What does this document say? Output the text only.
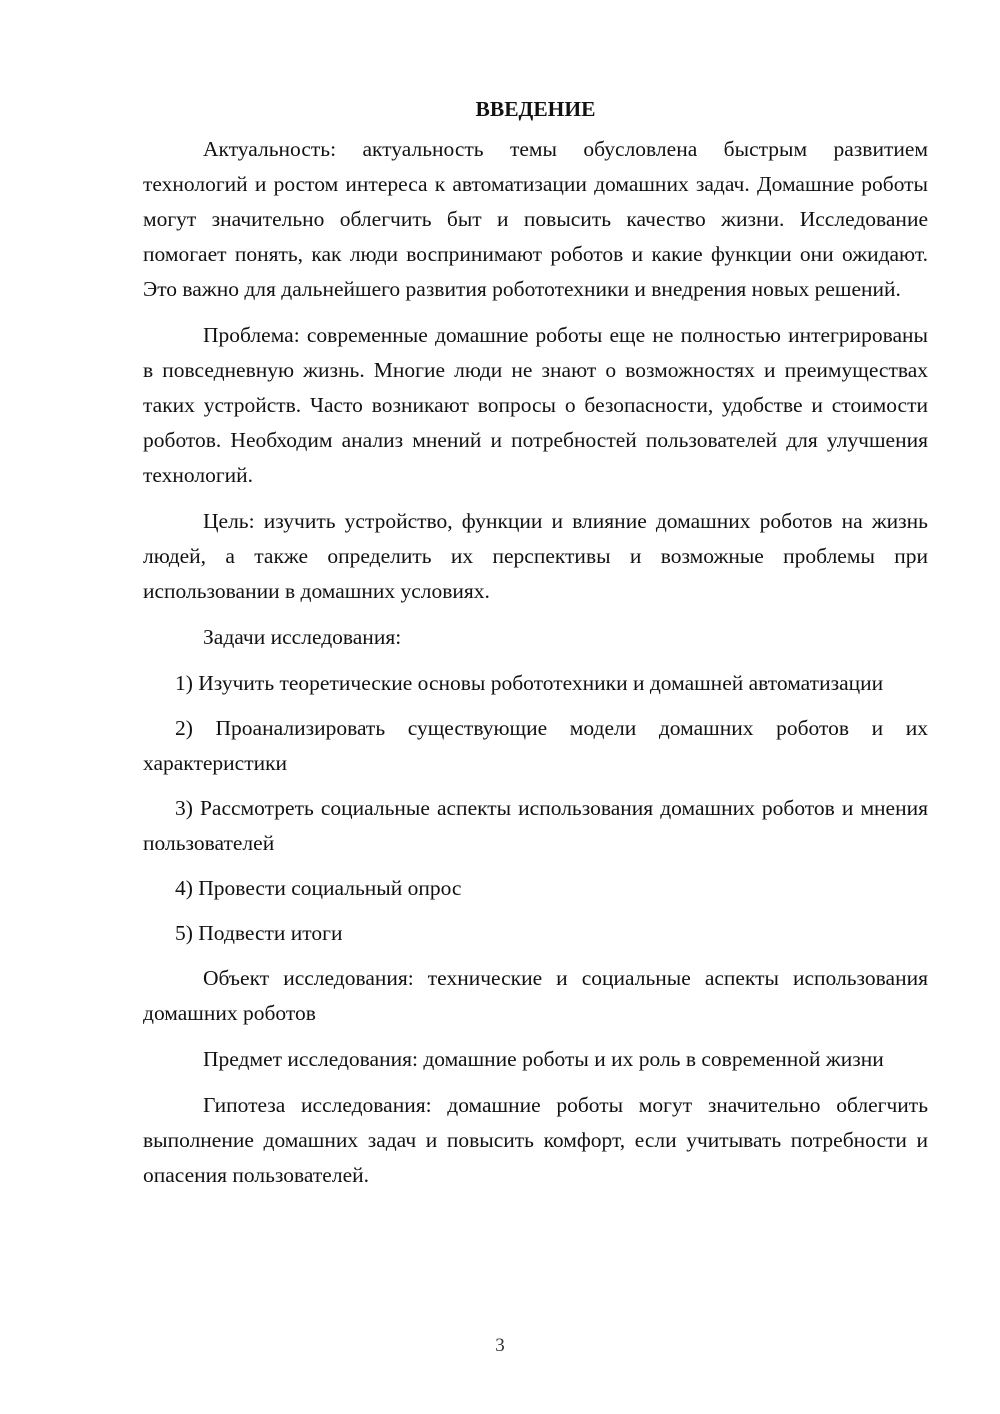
ВВЕДЕНИЕ

Актуальность: актуальность темы обусловлена быстрым развитием технологий и ростом интереса к автоматизации домашних задач. Домашние роботы могут значительно облегчить быт и повысить качество жизни. Исследование помогает понять, как люди воспринимают роботов и какие функции они ожидают. Это важно для дальнейшего развития робототехники и внедрения новых решений.

Проблема: современные домашние роботы еще не полностью интегрированы в повседневную жизнь. Многие люди не знают о возможностях и преимуществах таких устройств. Часто возникают вопросы о безопасности, удобстве и стоимости роботов. Необходим анализ мнений и потребностей пользователей для улучшения технологий.

Цель: изучить устройство, функции и влияние домашних роботов на жизнь людей, а также определить их перспективы и возможные проблемы при использовании в домашних условиях.

Задачи исследования:

1) Изучить теоретические основы робототехники и домашней автоматизации

2) Проанализировать существующие модели домашних роботов и их характеристики

3) Рассмотреть социальные аспекты использования домашних роботов и мнения пользователей

4) Провести социальный опрос

5) Подвести итоги

Объект исследования: технические и социальные аспекты использования домашних роботов

Предмет исследования: домашние роботы и их роль в современной жизни

Гипотеза исследования: домашние роботы могут значительно облегчить выполнение домашних задач и повысить комфорт, если учитывать потребности и опасения пользователей.

3
